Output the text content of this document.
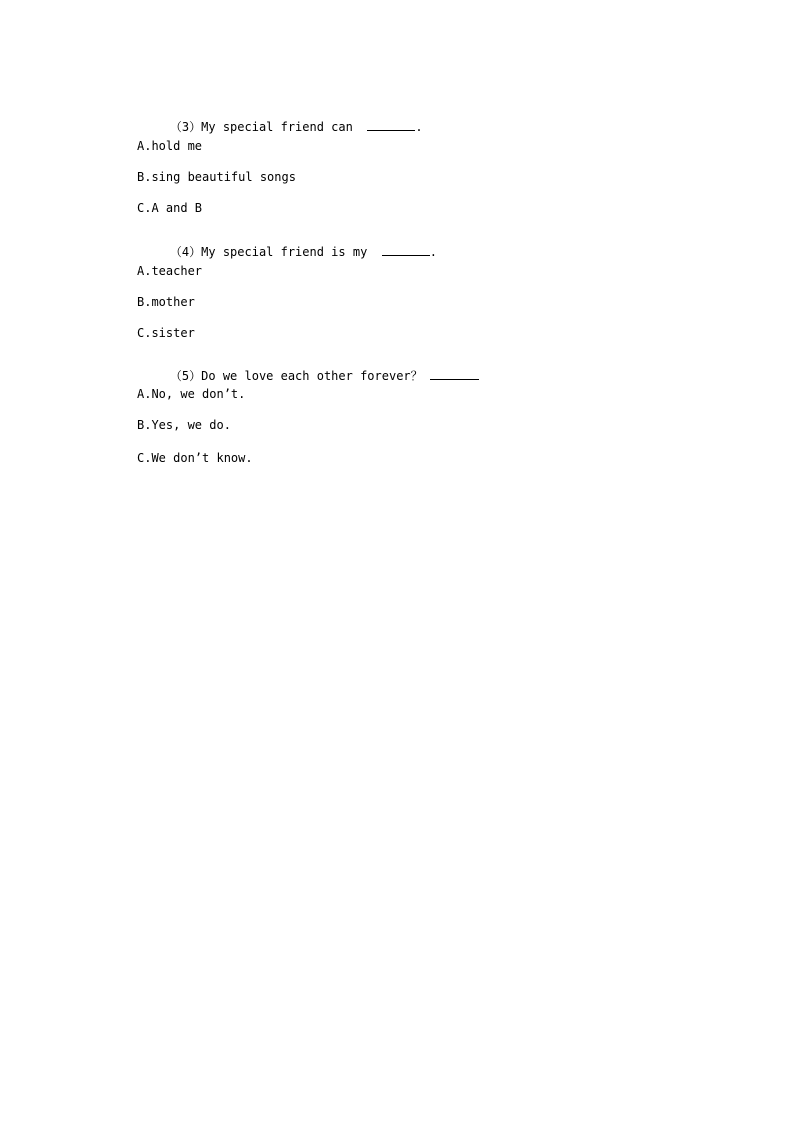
（3）My special friend can	.

A.hold me
B.sing beautiful songs
C.A and B

（4）My special friend is my	.

A.teacher
B.mother
C.sister

（5）Do we love each other forever？

A.No, we don’t.
B.Yes, we do.
C.We don’t know.
